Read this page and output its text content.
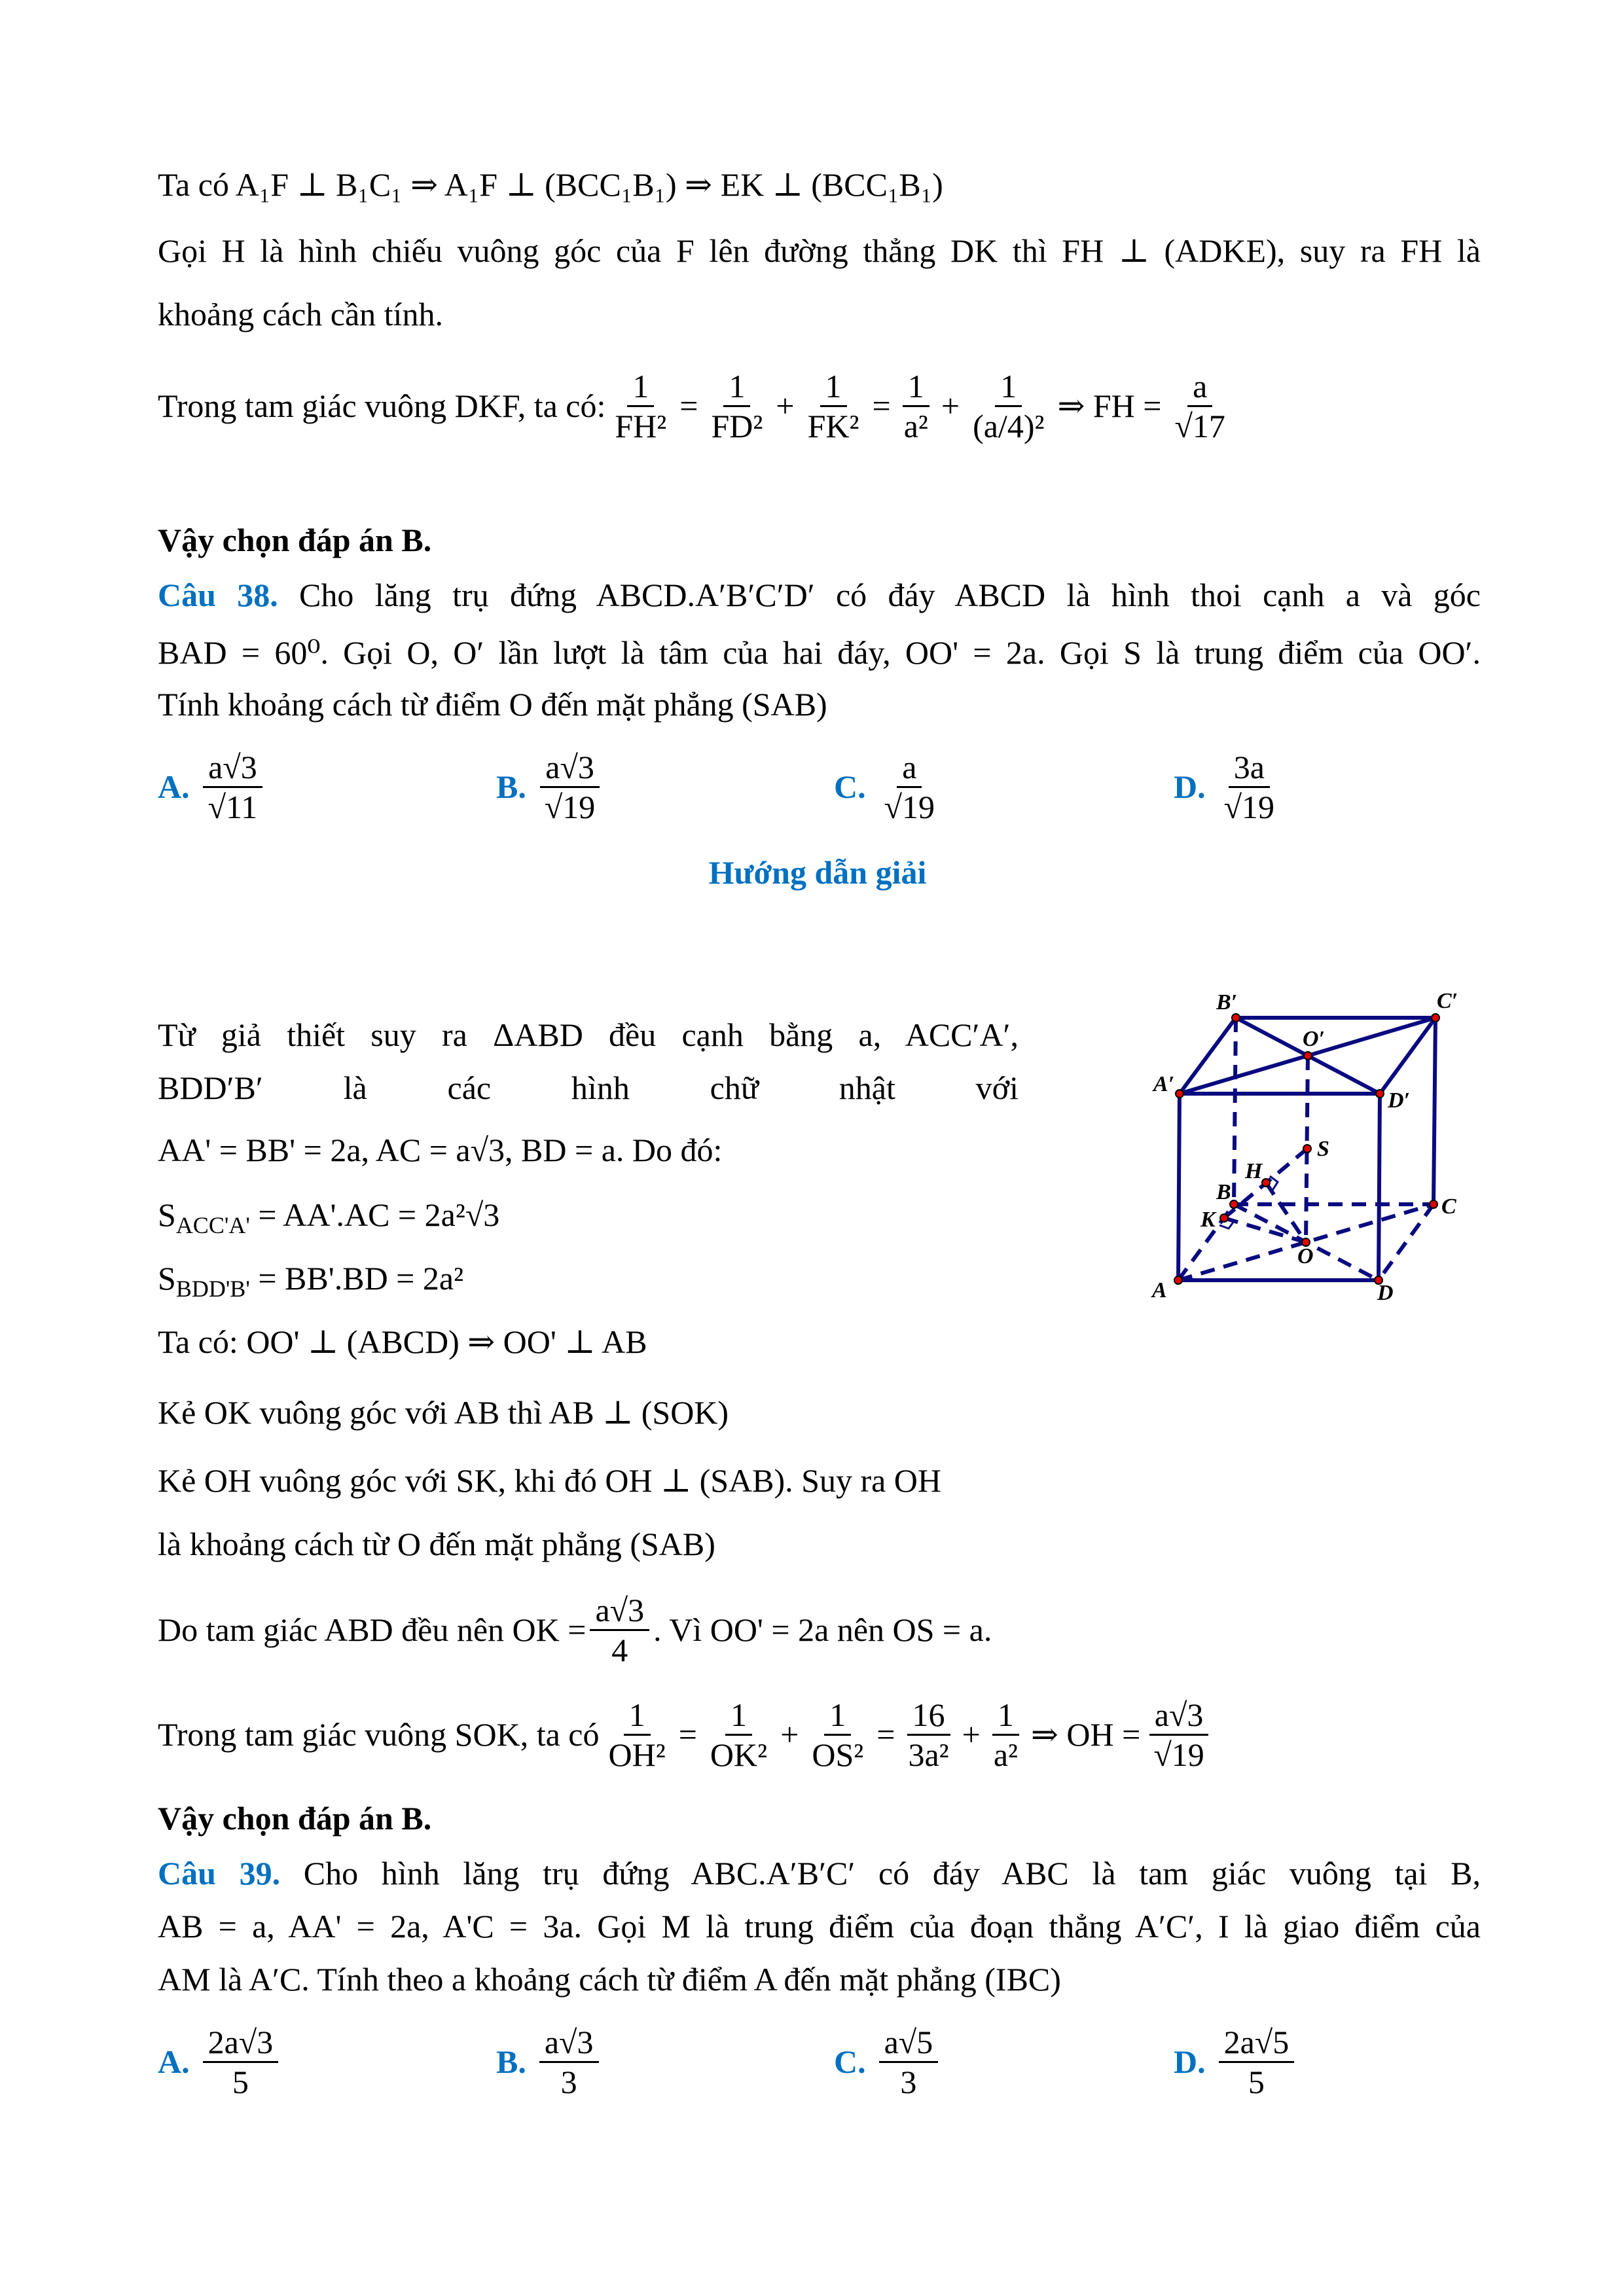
Ta có A₁F ⊥ B₁C₁ ⇒ A₁F ⊥ (BCC₁B₁) ⇒ EK ⊥ (BCC₁B₁)
Gọi H là hình chiếu vuông góc của F lên đường thẳng DK thì FH ⊥ (ADKE), suy ra FH là
khoảng cách cần tính.
Trong tam giác vuông DKF, ta có: $\frac{1}{\text{FH²}} = \frac{1}{\text{FD²}} + \frac{1}{\text{FK²}} = \frac{1}{\text{a²}} + \frac{1}{\text{(a/4)²}}$ ⇒ FH = $\frac{a}{√17}$
Vậy chọn đáp án B.
Câu 38. Cho lăng trụ đứng ABCD.A′B′C′D′ có đáy ABCD là hình thoi cạnh a và góc
BAD = 60⁰. Gọi O, O′ lần lượt là tâm của hai đáy, OO' = 2a. Gọi S là trung điểm của OO′.
Tính khoảng cách từ điểm O đến mặt phẳng (SAB)
A. $\frac{a√3}{√11}$	B. $\frac{a√3}{√19}$	C. $\frac{a}{√19}$	D. $\frac{3a}{√19}$
Hướng dẫn giải
Từ giả thiết suy ra ΔABD đều cạnh bằng a, ACC′A′,
BDD′B′ là các hình chữ nhật với
AA' = BB' = 2a, AC = a√3, BD = a. Do đó:
$S_{ACC'A'} = AA'.AC = 2a^2√3$
$S_{BDD'B'} = BB'.BD = 2a^2$
Ta có: OO' ⊥ (ABCD) ⇒ OO' ⊥ AB
Kẻ OK vuông góc với AB thì AB ⊥ (SOK)
Kẻ OH vuông góc với SK, khi đó OH ⊥ (SAB). Suy ra OH
là khoảng cách từ O đến mặt phẳng (SAB)
Do tam giác ABD đều nên OK = $\frac{a√3}{4}$ . Vì OO' = 2a nên OS = a.
Trong tam giác vuông SOK, ta có $\frac{1}{\text{OH²}} = \frac{1}{\text{OK²}} + \frac{1}{\text{OS²}} = \frac{16}{\text{3a²}} + \frac{1}{\text{a²}}$ ⇒ OH = $\frac{a√3}{√19}$
Vậy chọn đáp án B.
B′	C′
O′
A′
D′
S
H
B
K
C
O
A	D
Câu 39. Cho hình lăng trụ đứng ABC.A′B′C′ có đáy ABC là tam giác vuông tại B,
AB = a, AA' = 2a, A'C = 3a. Gọi M là trung điểm của đoạn thẳng A′C′, I là giao điểm của
AM là A′C. Tính theo a khoảng cách từ điểm A đến mặt phẳng (IBC)
A. $\frac{2a√3}{5}$	B. $\frac{a√3}{3}$	C. $\frac{a√5}{3}$	D. $\frac{2a√5}{5}$
